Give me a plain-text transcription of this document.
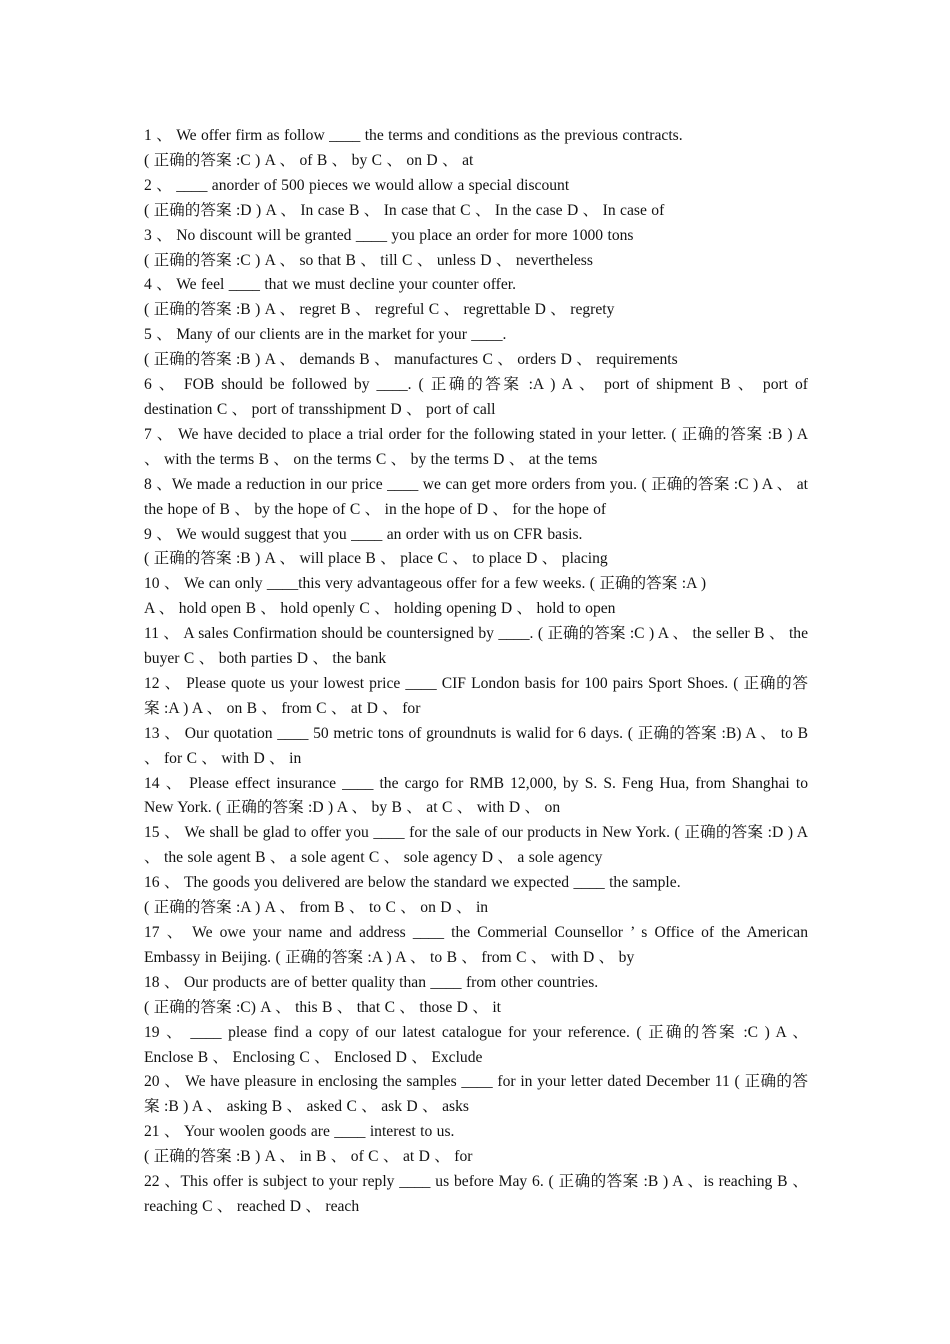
1 、 We offer firm as follow ____ the terms and conditions as the previous contracts.

( 正确的答案 :C ) A 、 of B 、 by C 、 on D 、 at

2 、 ____ anorder of 500 pieces we would allow a special discount

( 正确的答案 :D ) A 、 In case B 、 In case that C 、 In the case D 、 In case of

3 、 No discount will be granted ____ you place an order for more 1000 tons

( 正确的答案 :C ) A 、 so that B 、 till C 、 unless D 、 nevertheless

4 、 We feel ____ that we must decline your counter offer.

( 正确的答案 :B ) A 、 regret B 、 regreful C 、 regrettable D 、 regrety

5 、 Many of our clients are in the market for your ____.

( 正确的答案 :B ) A 、 demands B 、 manufactures C 、 orders D 、 requirements

6 、 FOB should be followed by ____. ( 正确的答案 :A ) A 、 port of shipment B 、 port of destination C 、 port of transshipment D 、 port of call

7 、 We have decided to place a trial order for the following stated in your letter. ( 正确的答案 :B ) A 、 with the terms B 、 on the terms C 、 by the terms D 、 at the tems

8 、We made a reduction in our price ____ we can get more orders from you. ( 正确的答案 :C ) A 、 at the hope of B 、 by the hope of C 、 in the hope of D 、 for the hope of

9 、 We would suggest that you ____ an order with us on CFR basis.

( 正确的答案 :B ) A 、 will place B 、 place C 、 to place D 、 placing

10 、 We can only ____this very advantageous offer for a few weeks. ( 正确的答案 :A )

A 、 hold open B 、 hold openly C 、 holding opening D 、 hold to open

11 、 A sales Confirmation should be countersigned by ____. ( 正确的答案 :C ) A 、 the seller B 、 the buyer C 、 both parties D 、 the bank

12 、 Please quote us your lowest price ____ CIF London basis for 100 pairs Sport Shoes. ( 正确的答案 :A ) A 、 on B 、 from C 、 at D 、 for

13 、 Our quotation ____ 50 metric tons of groundnuts is walid for 6 days. ( 正确的答案 :B) A 、 to B 、 for C 、 with D 、 in

14 、 Please effect insurance ____ the cargo for RMB 12,000, by S. S. Feng Hua, from Shanghai to New York. ( 正确的答案 :D ) A 、 by B 、 at C 、 with D 、 on

15 、 We shall be glad to offer you ____ for the sale of our products in New York. ( 正确的答案 :D ) A 、 the sole agent B 、 a sole agent C 、 sole agency D 、 a sole agency

16 、 The goods you delivered are below the standard we expected ____ the sample.

( 正确的答案 :A ) A 、 from B 、 to C 、 on D 、 in

17 、 We owe your name and address ____ the Commerial Counsellor ’ s Office of the American Embassy in Beijing. ( 正确的答案 :A ) A 、 to B 、 from C 、 with D 、 by

18 、 Our products are of better quality than ____ from other countries.

( 正确的答案 :C) A 、 this B 、 that C 、 those D 、 it

19 、 ____ please find a copy of our latest catalogue for your reference. ( 正确的答案 :C ) A 、 Enclose B 、 Enclosing C 、 Enclosed D 、 Exclude

20 、 We have pleasure in enclosing the samples ____ for in your letter dated December 11 ( 正确的答案 :B ) A 、 asking B 、 asked C 、 ask D 、 asks

21 、 Your woolen goods are ____ interest to us.

( 正确的答案 :B ) A 、 in B 、 of C 、 at D 、 for

22 、This offer is subject to your reply ____ us before May 6. ( 正确的答案 :B ) A 、is reaching B 、 reaching C 、 reached D 、 reach
